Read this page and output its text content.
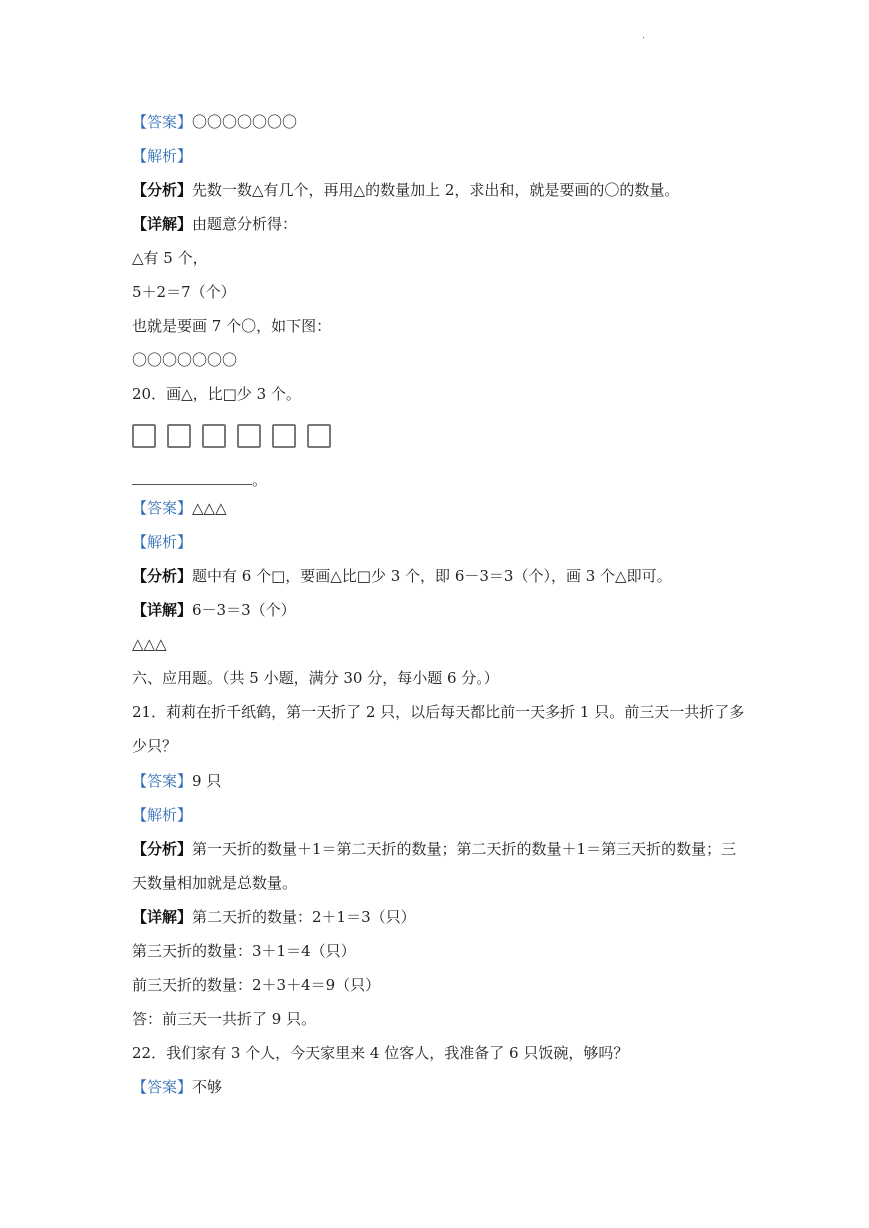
.
【答案】〇〇〇〇〇〇〇
【解析】
【分析】先数一数△有几个，再用△的数量加上 2，求出和，就是要画的〇的数量。
【详解】由题意分析得：
△有 5 个，
5＋2＝7（个）
也就是要画 7 个〇，如下图：
〇〇〇〇〇〇〇
20．画△，比□少 3 个。
。
【答案】△△△
【解析】
【分析】题中有 6 个□，要画△比□少 3 个，即 6－3＝3（个），画 3 个△即可。
【详解】6－3＝3（个）
△△△
六、应用题。（共 5 小题，满分 30 分，每小题 6 分。）
21．莉莉在折千纸鹤，第一天折了 2 只，以后每天都比前一天多折 1 只。前三天一共折了多
少只？
【答案】9 只
【解析】
【分析】第一天折的数量＋1＝第二天折的数量；第二天折的数量＋1＝第三天折的数量；三
天数量相加就是总数量。
【详解】第二天折的数量：2＋1＝3（只）
第三天折的数量：3＋1＝4（只）
前三天折的数量：2＋3＋4＝9（只）
答：前三天一共折了 9 只。
22．我们家有 3 个人，今天家里来 4 位客人，我准备了 6 只饭碗，够吗？
【答案】不够
